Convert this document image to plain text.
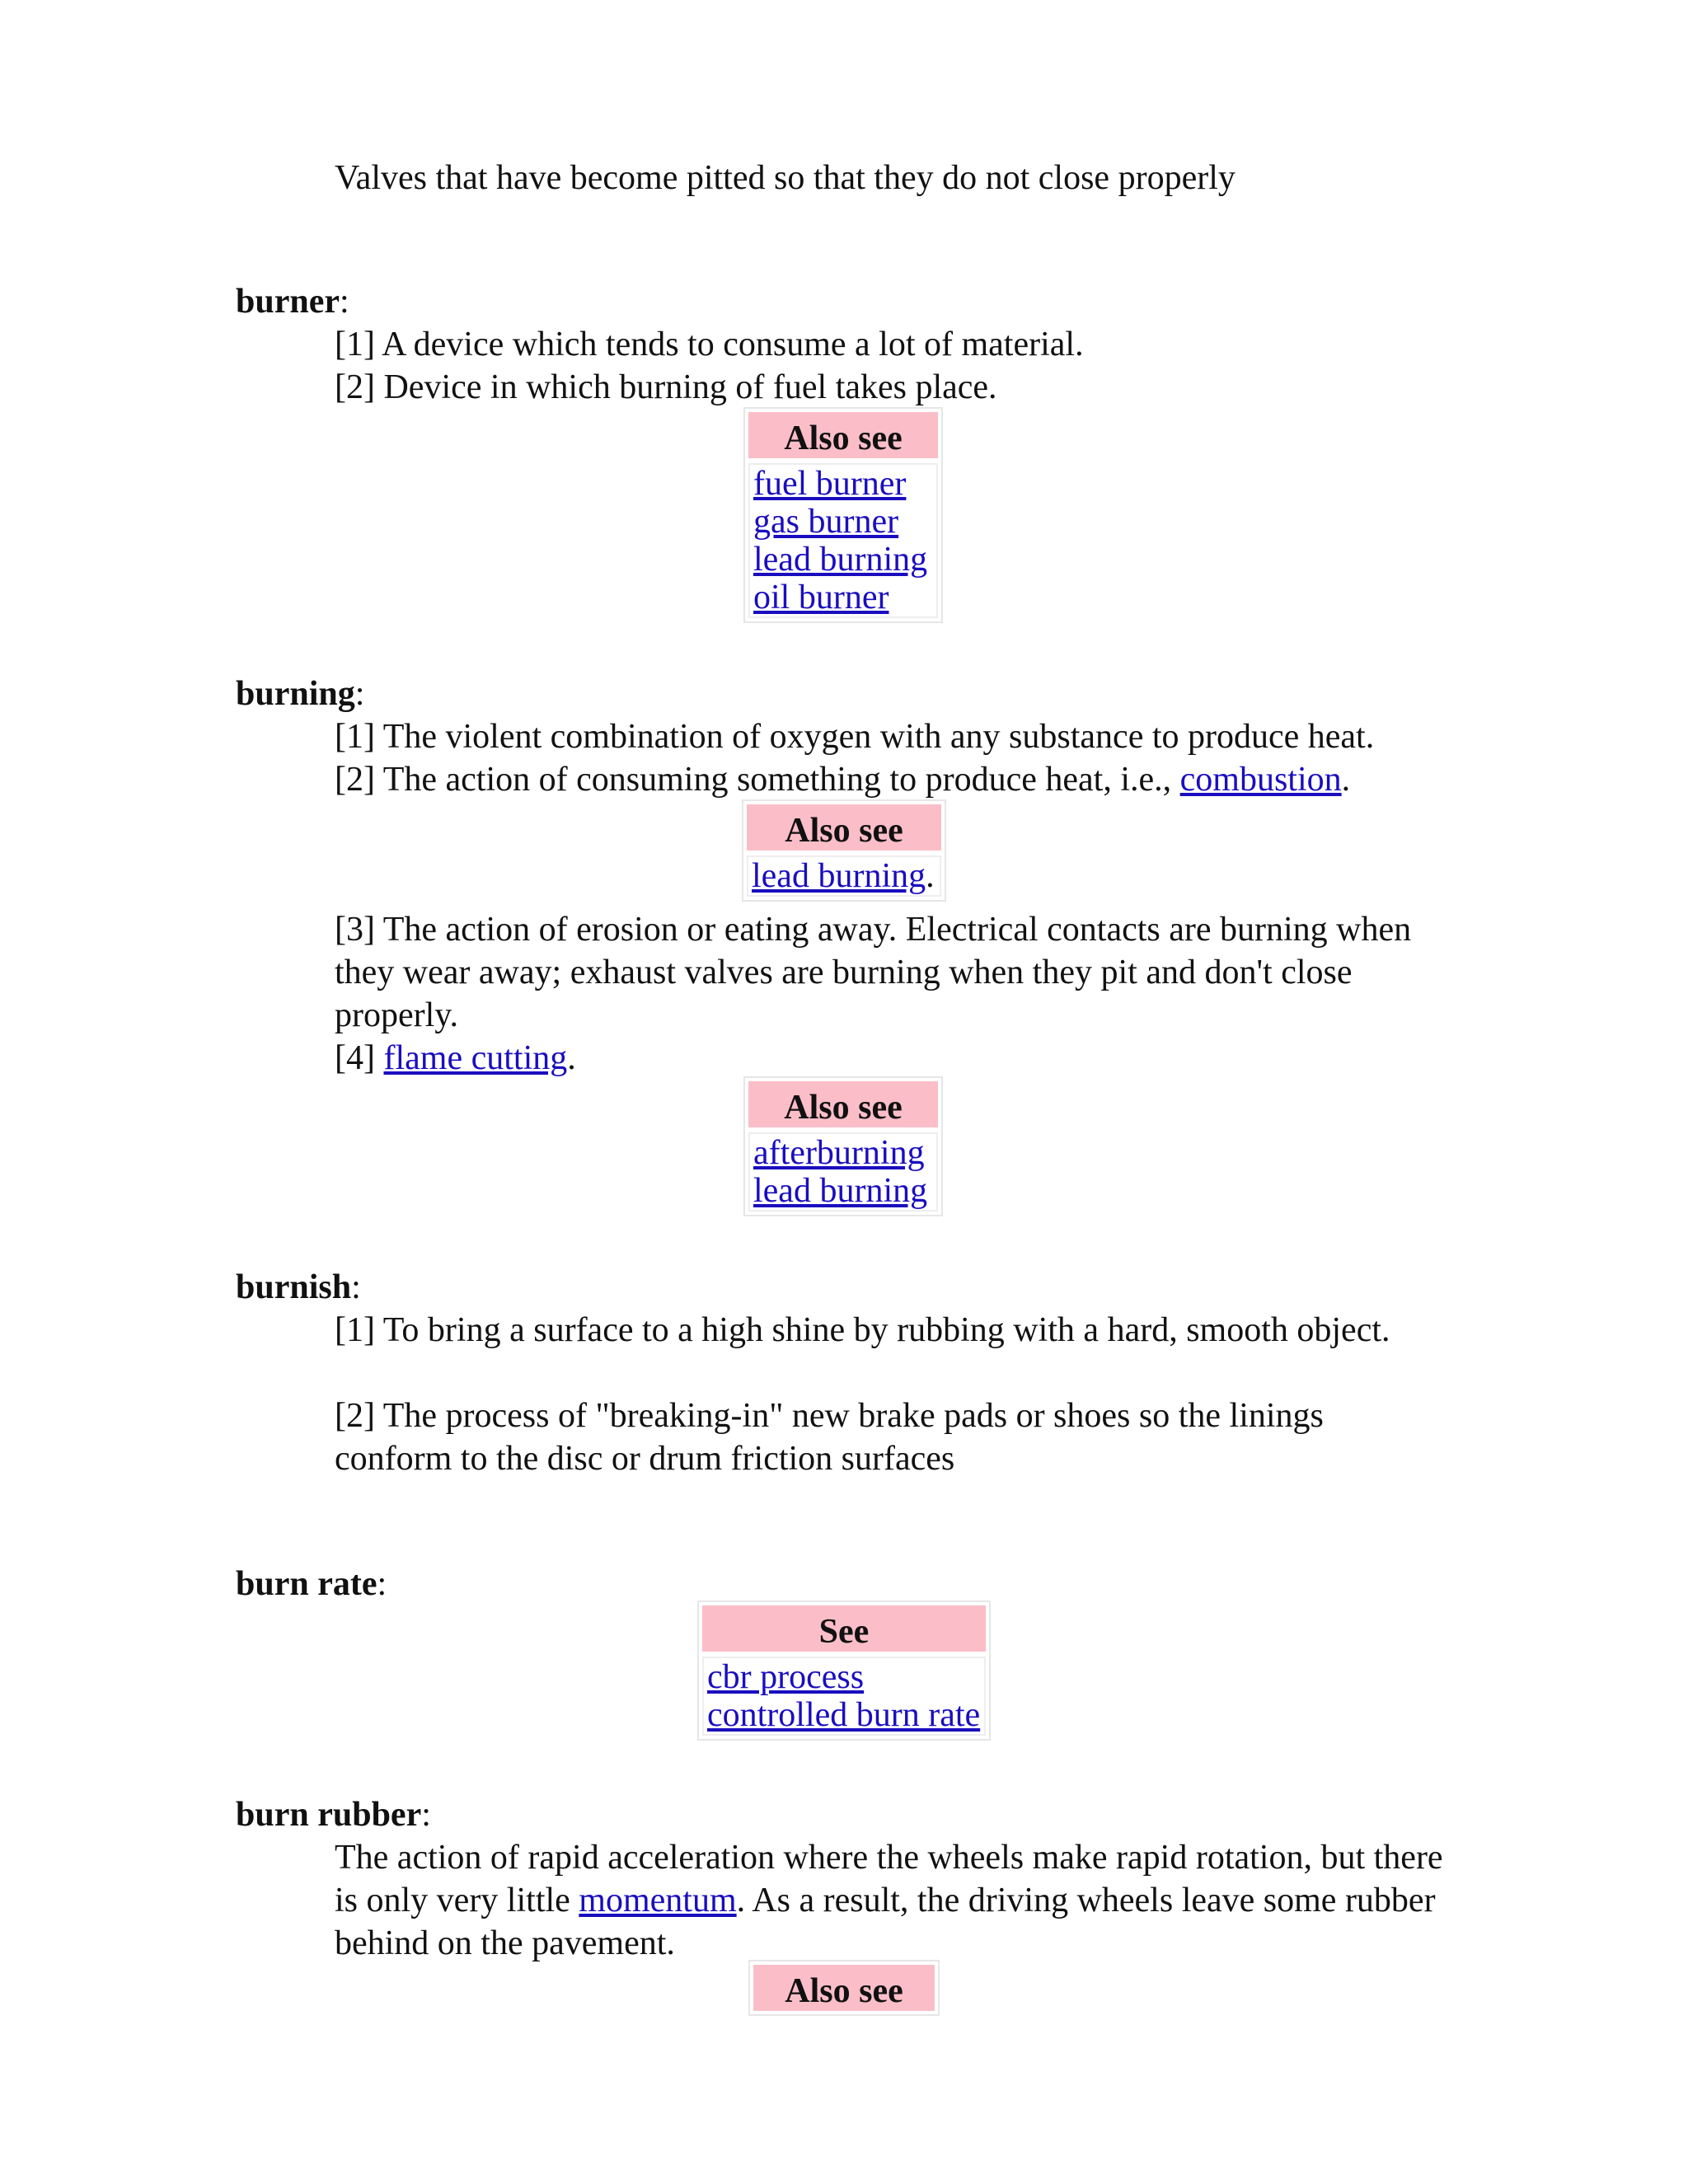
Valves that have become pitted so that they do not close properly
burner:
[1] A device which tends to consume a lot of material.
[2] Device in which burning of fuel takes place.
Also see
fuel burner
gas burner
lead burning
oil burner
burning:
[1] The violent combination of oxygen with any substance to produce heat.
[2] The action of consuming something to produce heat, i.e., combustion.
Also see
lead burning.
[3] The action of erosion or eating away. Electrical contacts are burning when they wear away; exhaust valves are burning when they pit and don't close properly.
[4] flame cutting.
Also see
afterburning
lead burning
burnish:
[1] To bring a surface to a high shine by rubbing with a hard, smooth object.
[2] The process of "breaking-in" new brake pads or shoes so the linings conform to the disc or drum friction surfaces
burn rate:
See
cbr process
controlled burn rate
burn rubber:
The action of rapid acceleration where the wheels make rapid rotation, but there is only very little momentum. As a result, the driving wheels leave some rubber behind on the pavement.
Also see
